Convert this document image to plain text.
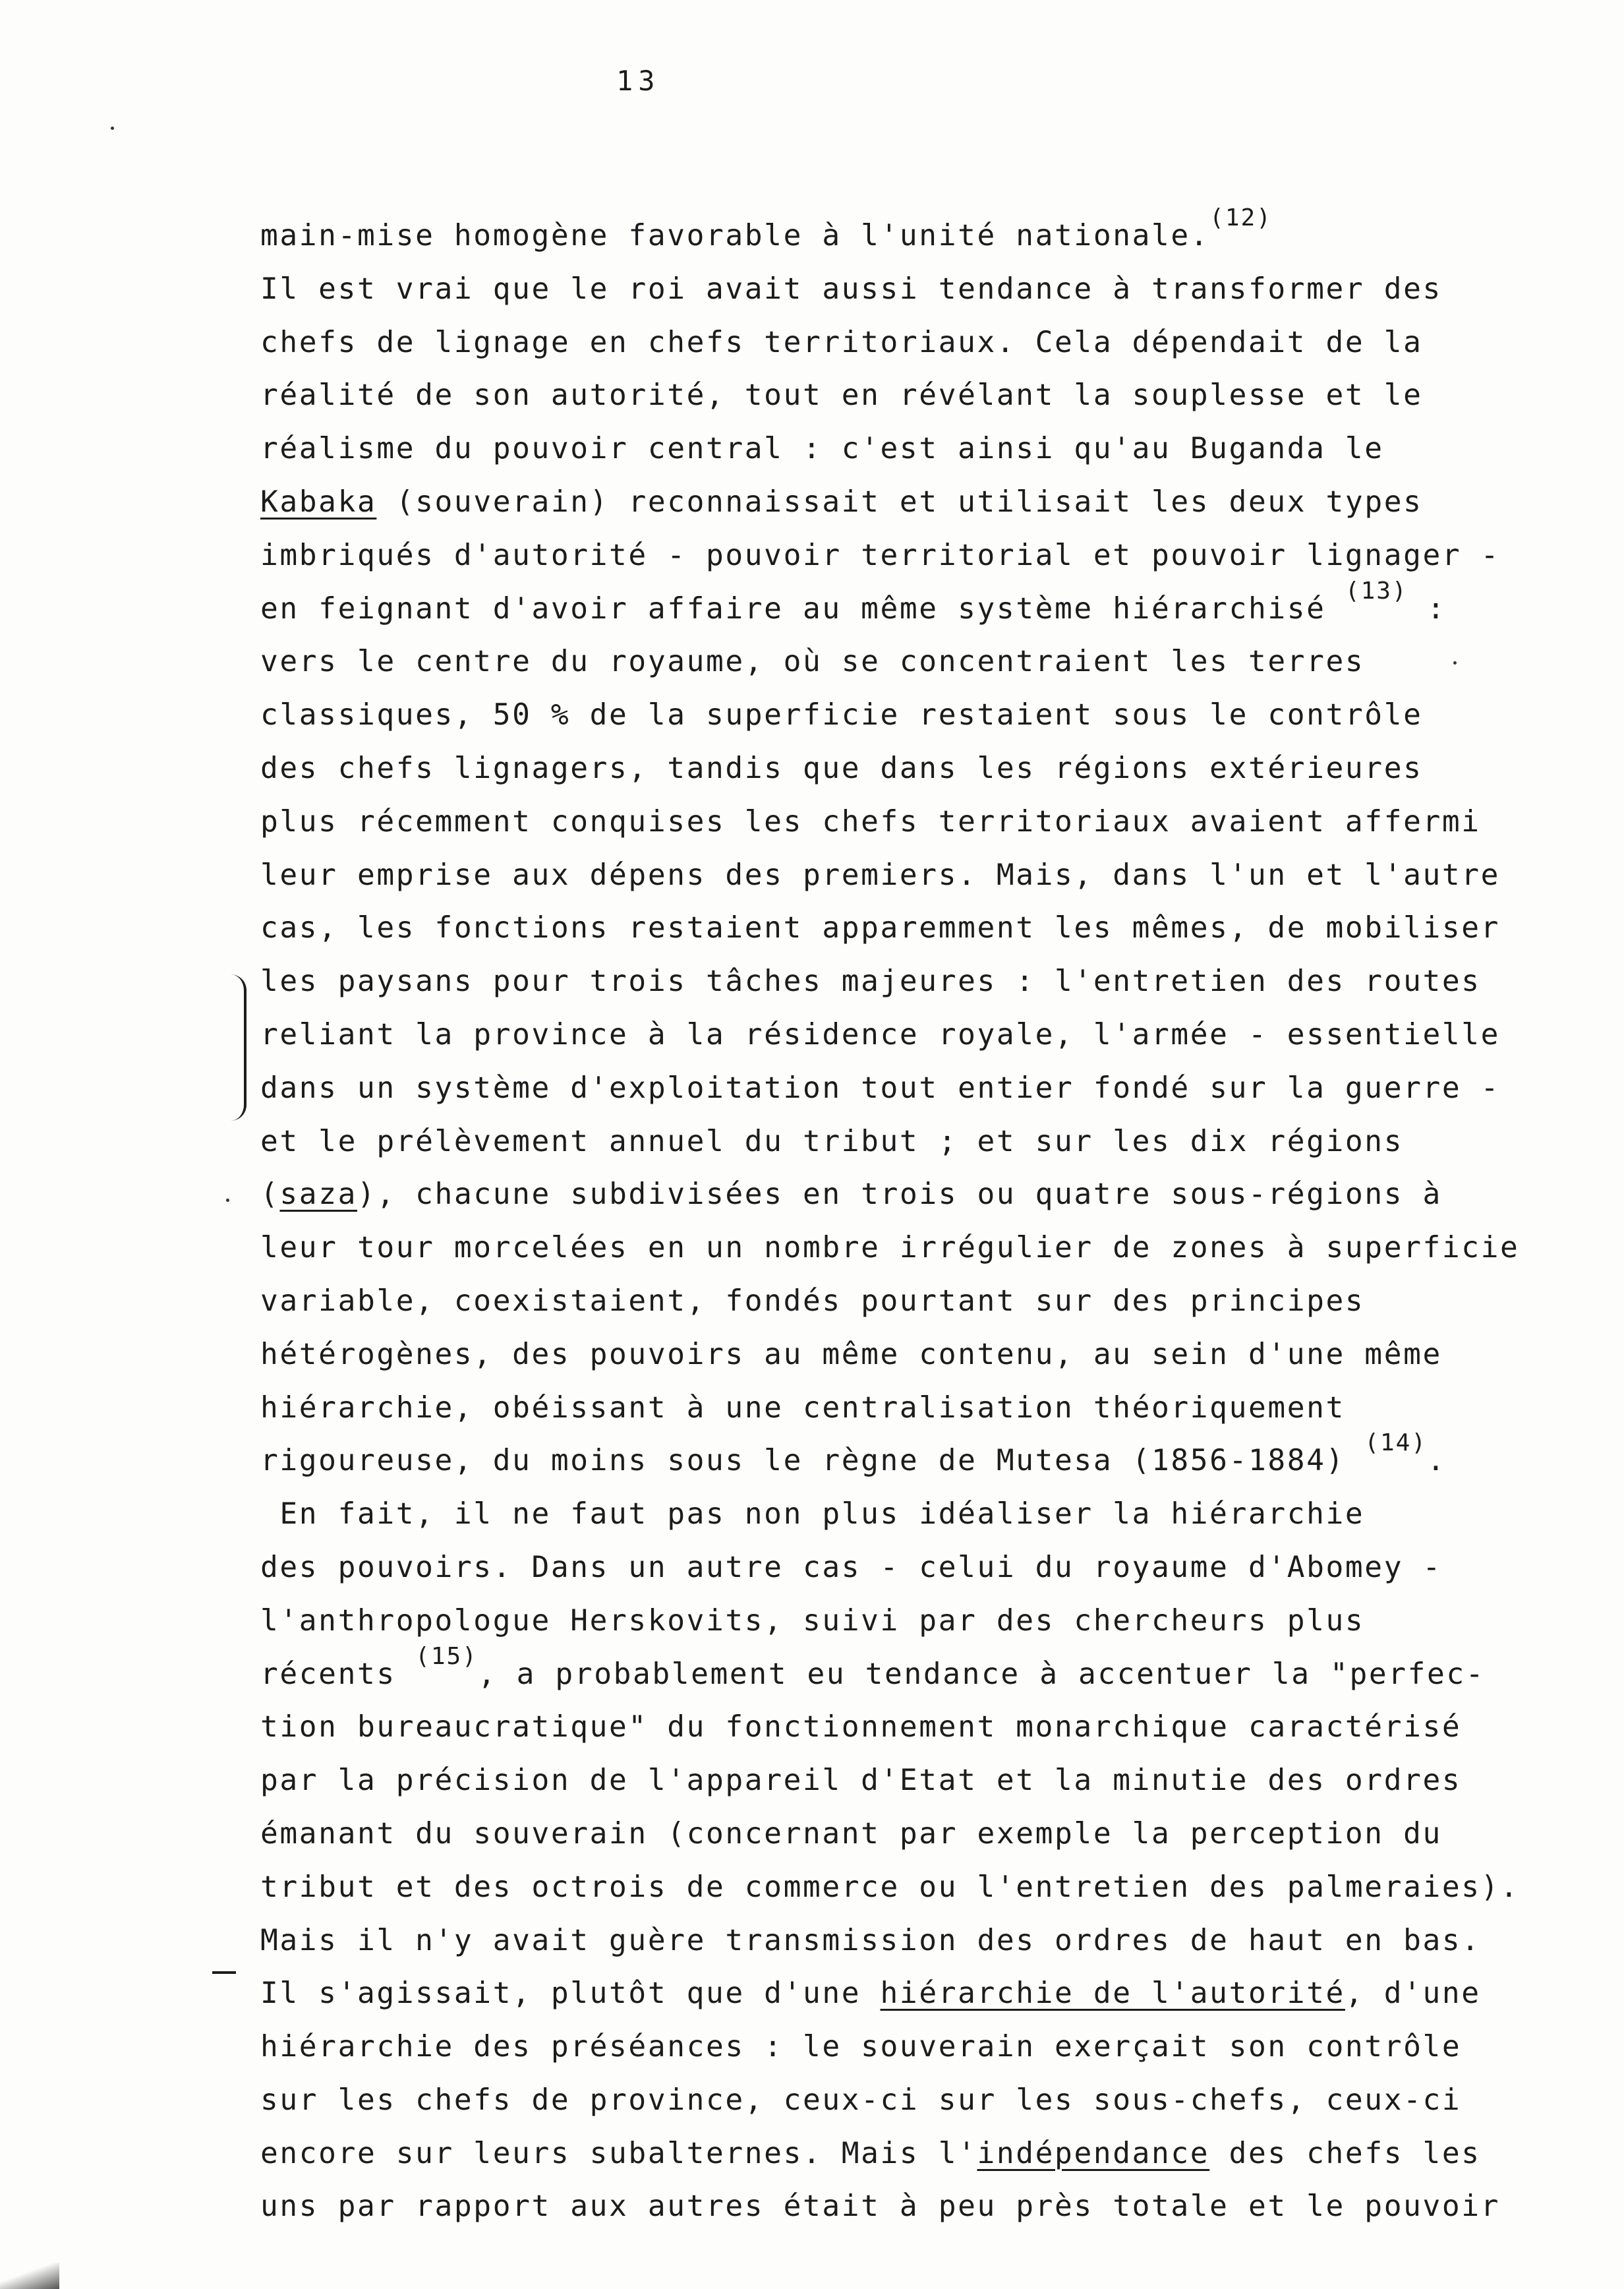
13
main-mise homogène favorable à l'unité nationale.$^{(12)}$
Il est vrai que le roi avait aussi tendance à transformer des
chefs de lignage en chefs territoriaux. Cela dépendait de la
réalité de son autorité, tout en révélant la souplesse et le
réalisme du pouvoir central : c'est ainsi qu'au Buganda le
Kabaka (souverain) reconnaissait et utilisait les deux types
imbriqués d'autorité - pouvoir territorial et pouvoir lignager -
en feignant d'avoir affaire au même système hiérarchisé $^{(13)}$ :
vers le centre du royaume, où se concentraient les terres
classiques, 50 % de la superficie restaient sous le contrôle
des chefs lignagers, tandis que dans les régions extérieures
plus récemment conquises les chefs territoriaux avaient affermi
leur emprise aux dépens des premiers. Mais, dans l'un et l'autre
cas, les fonctions restaient apparemment les mêmes, de mobiliser
les paysans pour trois tâches majeures : l'entretien des routes
reliant la province à la résidence royale, l'armée - essentielle
dans un système d'exploitation tout entier fondé sur la guerre -
et le prélèvement annuel du tribut ; et sur les dix régions
(saza), chacune subdivisées en trois ou quatre sous-régions à
leur tour morcelées en un nombre irrégulier de zones à superficie
variable, coexistaient, fondés pourtant sur des principes
hétérogènes, des pouvoirs au même contenu, au sein d'une même
hiérarchie, obéissant à une centralisation théoriquement
rigoureuse, du moins sous le règne de Mutesa (1856-1884) $^{(14)}$.
En fait, il ne faut pas non plus idéaliser la hiérarchie
des pouvoirs. Dans un autre cas - celui du royaume d'Abomey -
l'anthropologue Herskovits, suivi par des chercheurs plus
récents $^{(15)}$, a probablement eu tendance à accentuer la "perfec-
tion bureaucratique" du fonctionnement monarchique caractérisé
par la précision de l'appareil d'Etat et la minutie des ordres
émanant du souverain (concernant par exemple la perception du
tribut et des octrois de commerce ou l'entretien des palmeraies).
Mais il n'y avait guère transmission des ordres de haut en bas.
Il s'agissait, plutôt que d'une hiérarchie de l'autorité, d'une
hiérarchie des préséances : le souverain exerçait son contrôle
sur les chefs de province, ceux-ci sur les sous-chefs, ceux-ci
encore sur leurs subalternes. Mais l'indépendance des chefs les
uns par rapport aux autres était à peu près totale et le pouvoir
